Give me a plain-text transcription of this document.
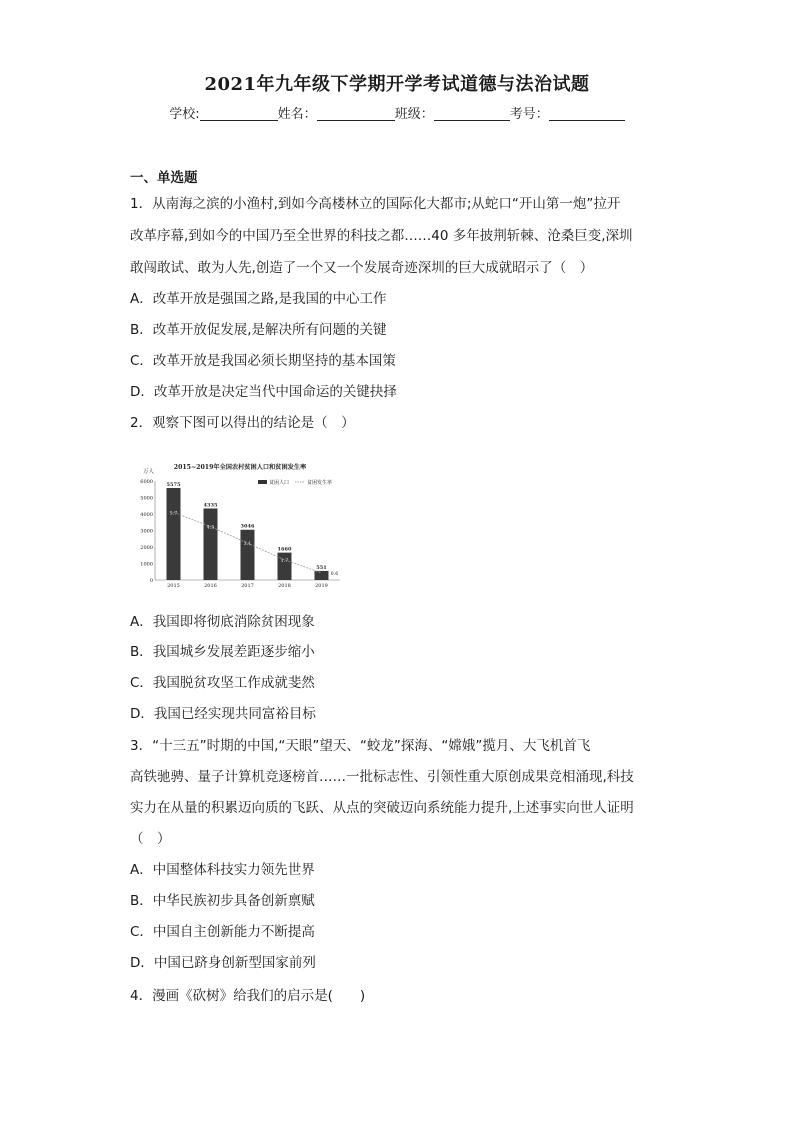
2021年九年级下学期开学考试道德与法治试题
学校:	姓名：	班级：	考号：
一、单选题
1．从南海之滨的小渔村,到如今高楼林立的国际化大都市;从蛇口“开山第一炮”拉开
改革序幕,到如今的中国乃至全世界的科技之都……40 多年披荆斩棘、沧桑巨变,深圳
敢闯敢试、敢为人先,创造了一个又一个发展奇迹深圳的巨大成就昭示了（　）
A．改革开放是强国之路,是我国的中心工作
B．改革开放促发展,是解决所有问题的关键
C．改革开放是我国必须长期坚持的基本国策
D．改革开放是决定当代中国命运的关键抉择
2．观察下图可以得出的结论是（　）
2015~2019年全国农村贫困人口和贫困发生率
万人
贫困人口	贫困发生率
0
1000
2000
3000
4000
5000
6000
5575
4335
3046
1660
551
5.7
4.5
3.1
1.7
0.6
2015	2016	2017	2018	2019
A．我国即将彻底消除贫困现象
B．我国城乡发展差距逐步缩小
C．我国脱贫攻坚工作成就斐然
D．我国已经实现共同富裕目标
3．“十三五”时期的中国,“天眼”望天、“蛟龙”探海、“嫦娥”揽月、大飞机首飞
高铁驰骋、量子计算机竞逐榜首……一批标志性、引领性重大原创成果竞相涌现,科技
实力在从量的积累迈向质的飞跃、从点的突破迈向系统能力提升,上述事实向世人证明
（　）
A．中国整体科技实力领先世界
B．中华民族初步具备创新禀赋
C．中国自主创新能力不断提高
D．中国已跻身创新型国家前列
4．漫画《砍树》给我们的启示是(　　)
